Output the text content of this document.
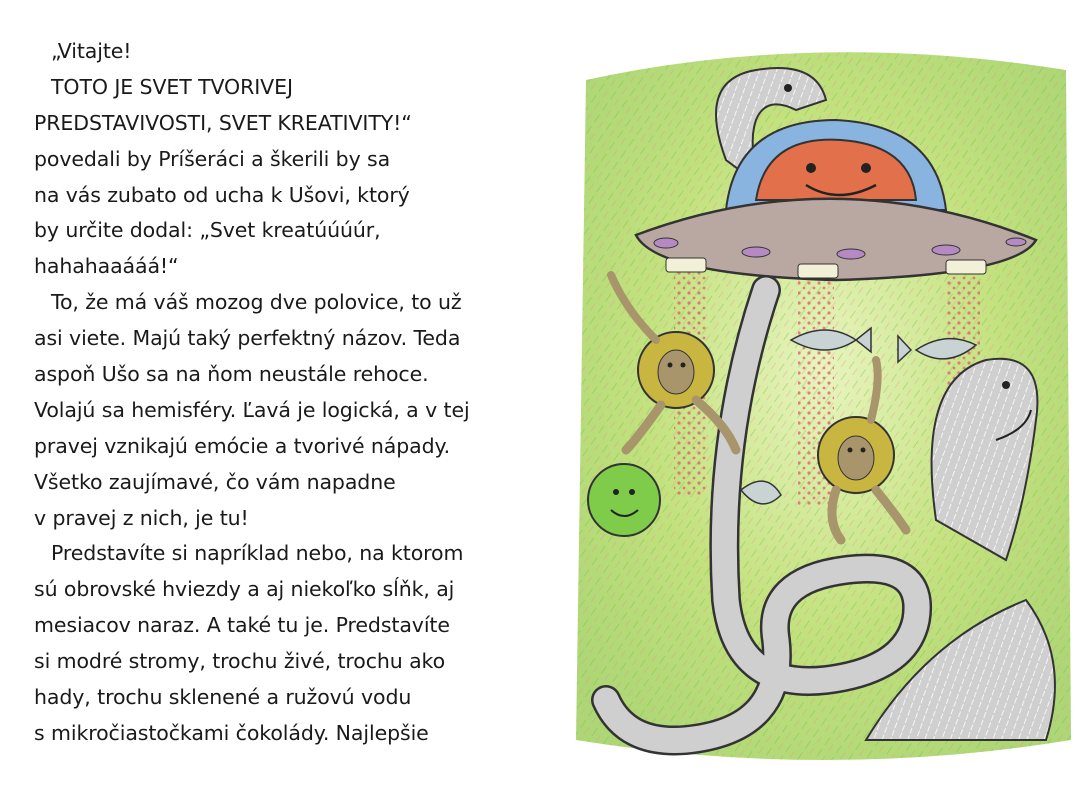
„Vitajte!
TOTO JE SVET TVORIVEJ
PREDSTAVIVOSTI, SVET KREATIVITY!“
povedali by Príšeráci a škerili by sa
na vás zubato od ucha k Ušovi, ktorý
by určite dodal: „Svet kreatúúúúr,
hahahaaááá!“
To, že má váš mozog dve polovice, to už
asi viete. Majú taký perfektný názov. Teda
aspoň Ušo sa na ňom neustále rehoce.
Volajú sa hemisféry. Ľavá je logická, a v tej
pravej vznikajú emócie a tvorivé nápady.
Všetko zaujímavé, čo vám napadne
v pravej z nich, je tu!
Predstavíte si napríklad nebo, na ktorom
sú obrovské hviezdy a aj niekoľko sĺňk, aj
mesiacov naraz. A také tu je. Predstavíte
si modré stromy, trochu živé, trochu ako
hady, trochu sklenené a ružovú vodu
s mikročiastočkami čokolády. Najlepšie
